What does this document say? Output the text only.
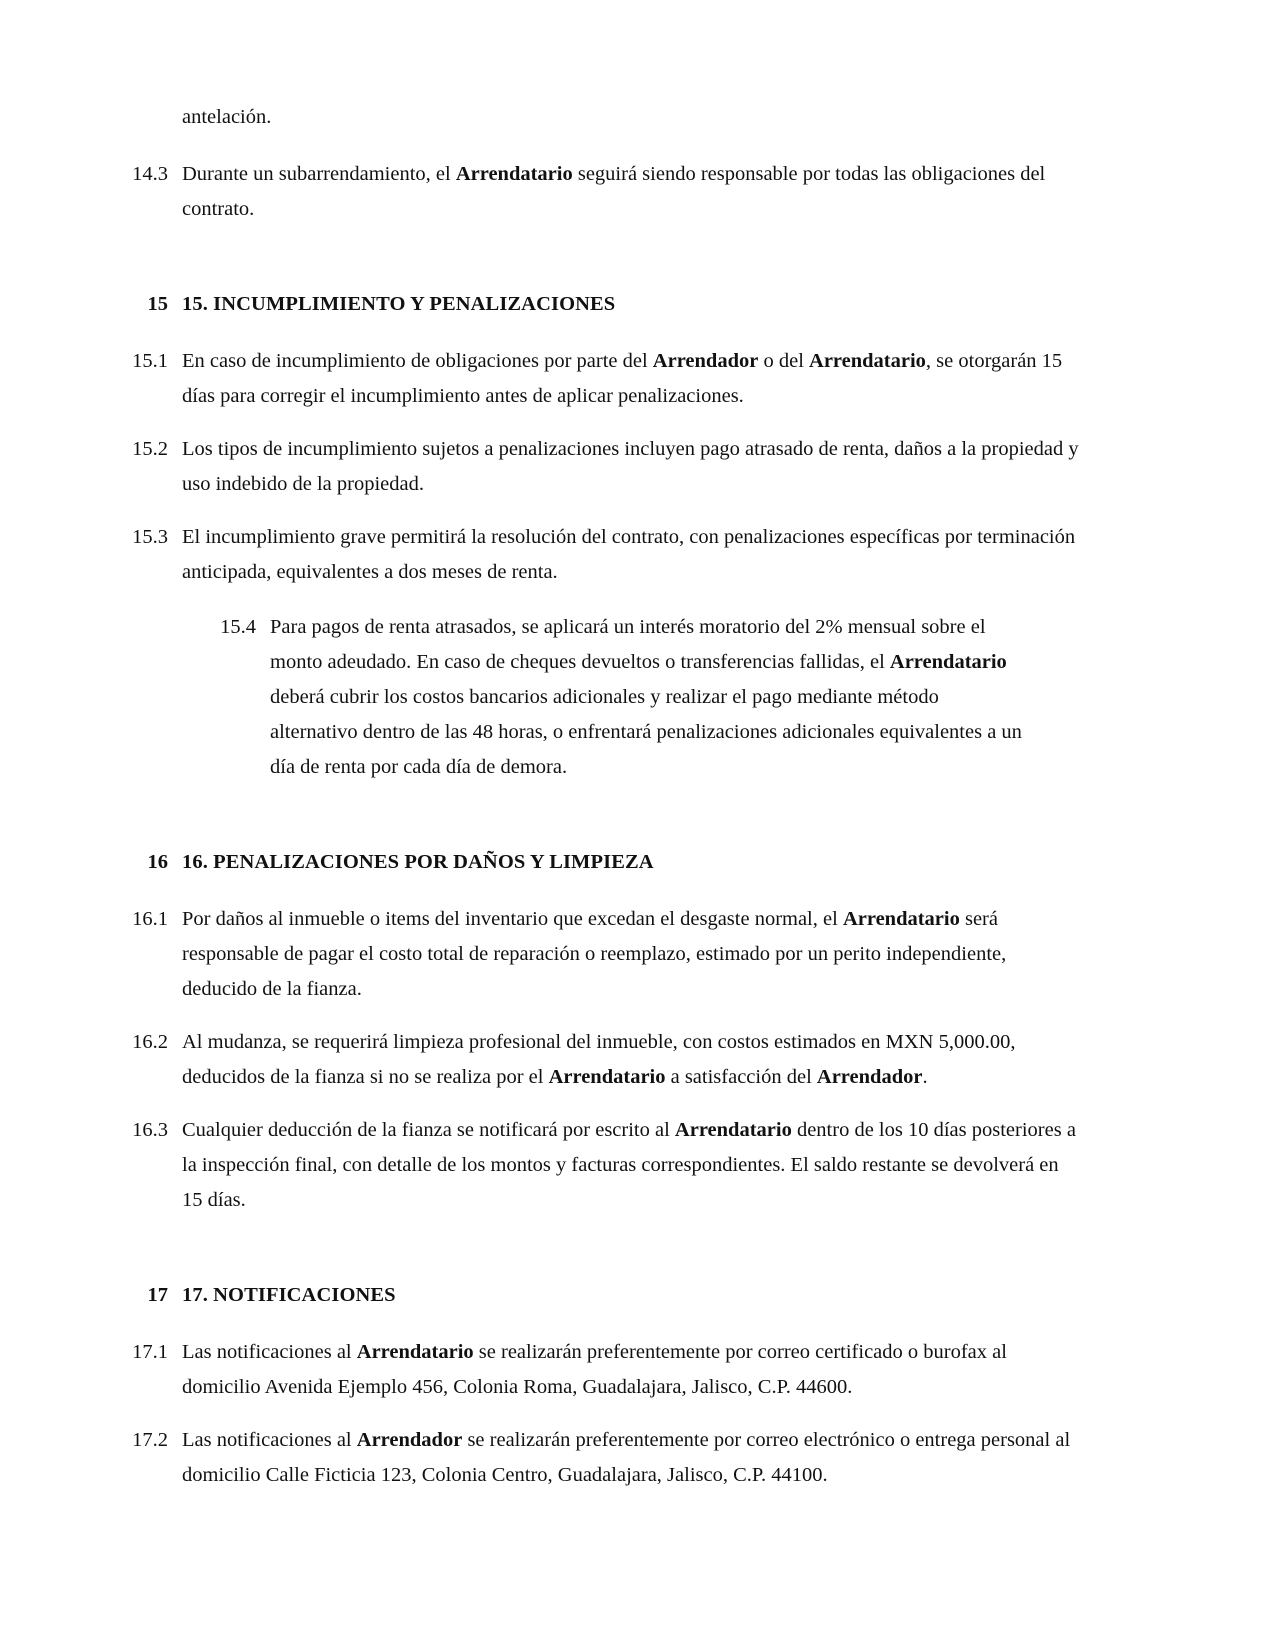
antelación.
14.3 Durante un subarrendamiento, el Arrendatario seguirá siendo responsable por todas las obligaciones del contrato.
15 15. INCUMPLIMIENTO Y PENALIZACIONES
15.1 En caso de incumplimiento de obligaciones por parte del Arrendador o del Arrendatario, se otorgarán 15 días para corregir el incumplimiento antes de aplicar penalizaciones.
15.2 Los tipos de incumplimiento sujetos a penalizaciones incluyen pago atrasado de renta, daños a la propiedad y uso indebido de la propiedad.
15.3 El incumplimiento grave permitirá la resolución del contrato, con penalizaciones específicas por terminación anticipada, equivalentes a dos meses de renta.
15.4 Para pagos de renta atrasados, se aplicará un interés moratorio del 2% mensual sobre el monto adeudado. En caso de cheques devueltos o transferencias fallidas, el Arrendatario deberá cubrir los costos bancarios adicionales y realizar el pago mediante método alternativo dentro de las 48 horas, o enfrentará penalizaciones adicionales equivalentes a un día de renta por cada día de demora.
16 16. PENALIZACIONES POR DAÑOS Y LIMPIEZA
16.1 Por daños al inmueble o items del inventario que excedan el desgaste normal, el Arrendatario será responsable de pagar el costo total de reparación o reemplazo, estimado por un perito independiente, deducido de la fianza.
16.2 Al mudanza, se requerirá limpieza profesional del inmueble, con costos estimados en MXN 5,000.00, deducidos de la fianza si no se realiza por el Arrendatario a satisfacción del Arrendador.
16.3 Cualquier deducción de la fianza se notificará por escrito al Arrendatario dentro de los 10 días posteriores a la inspección final, con detalle de los montos y facturas correspondientes. El saldo restante se devolverá en 15 días.
17 17. NOTIFICACIONES
17.1 Las notificaciones al Arrendatario se realizarán preferentemente por correo certificado o burofax al domicilio Avenida Ejemplo 456, Colonia Roma, Guadalajara, Jalisco, C.P. 44600.
17.2 Las notificaciones al Arrendador se realizarán preferentemente por correo electrónico o entrega personal al domicilio Calle Ficticia 123, Colonia Centro, Guadalajara, Jalisco, C.P. 44100.
